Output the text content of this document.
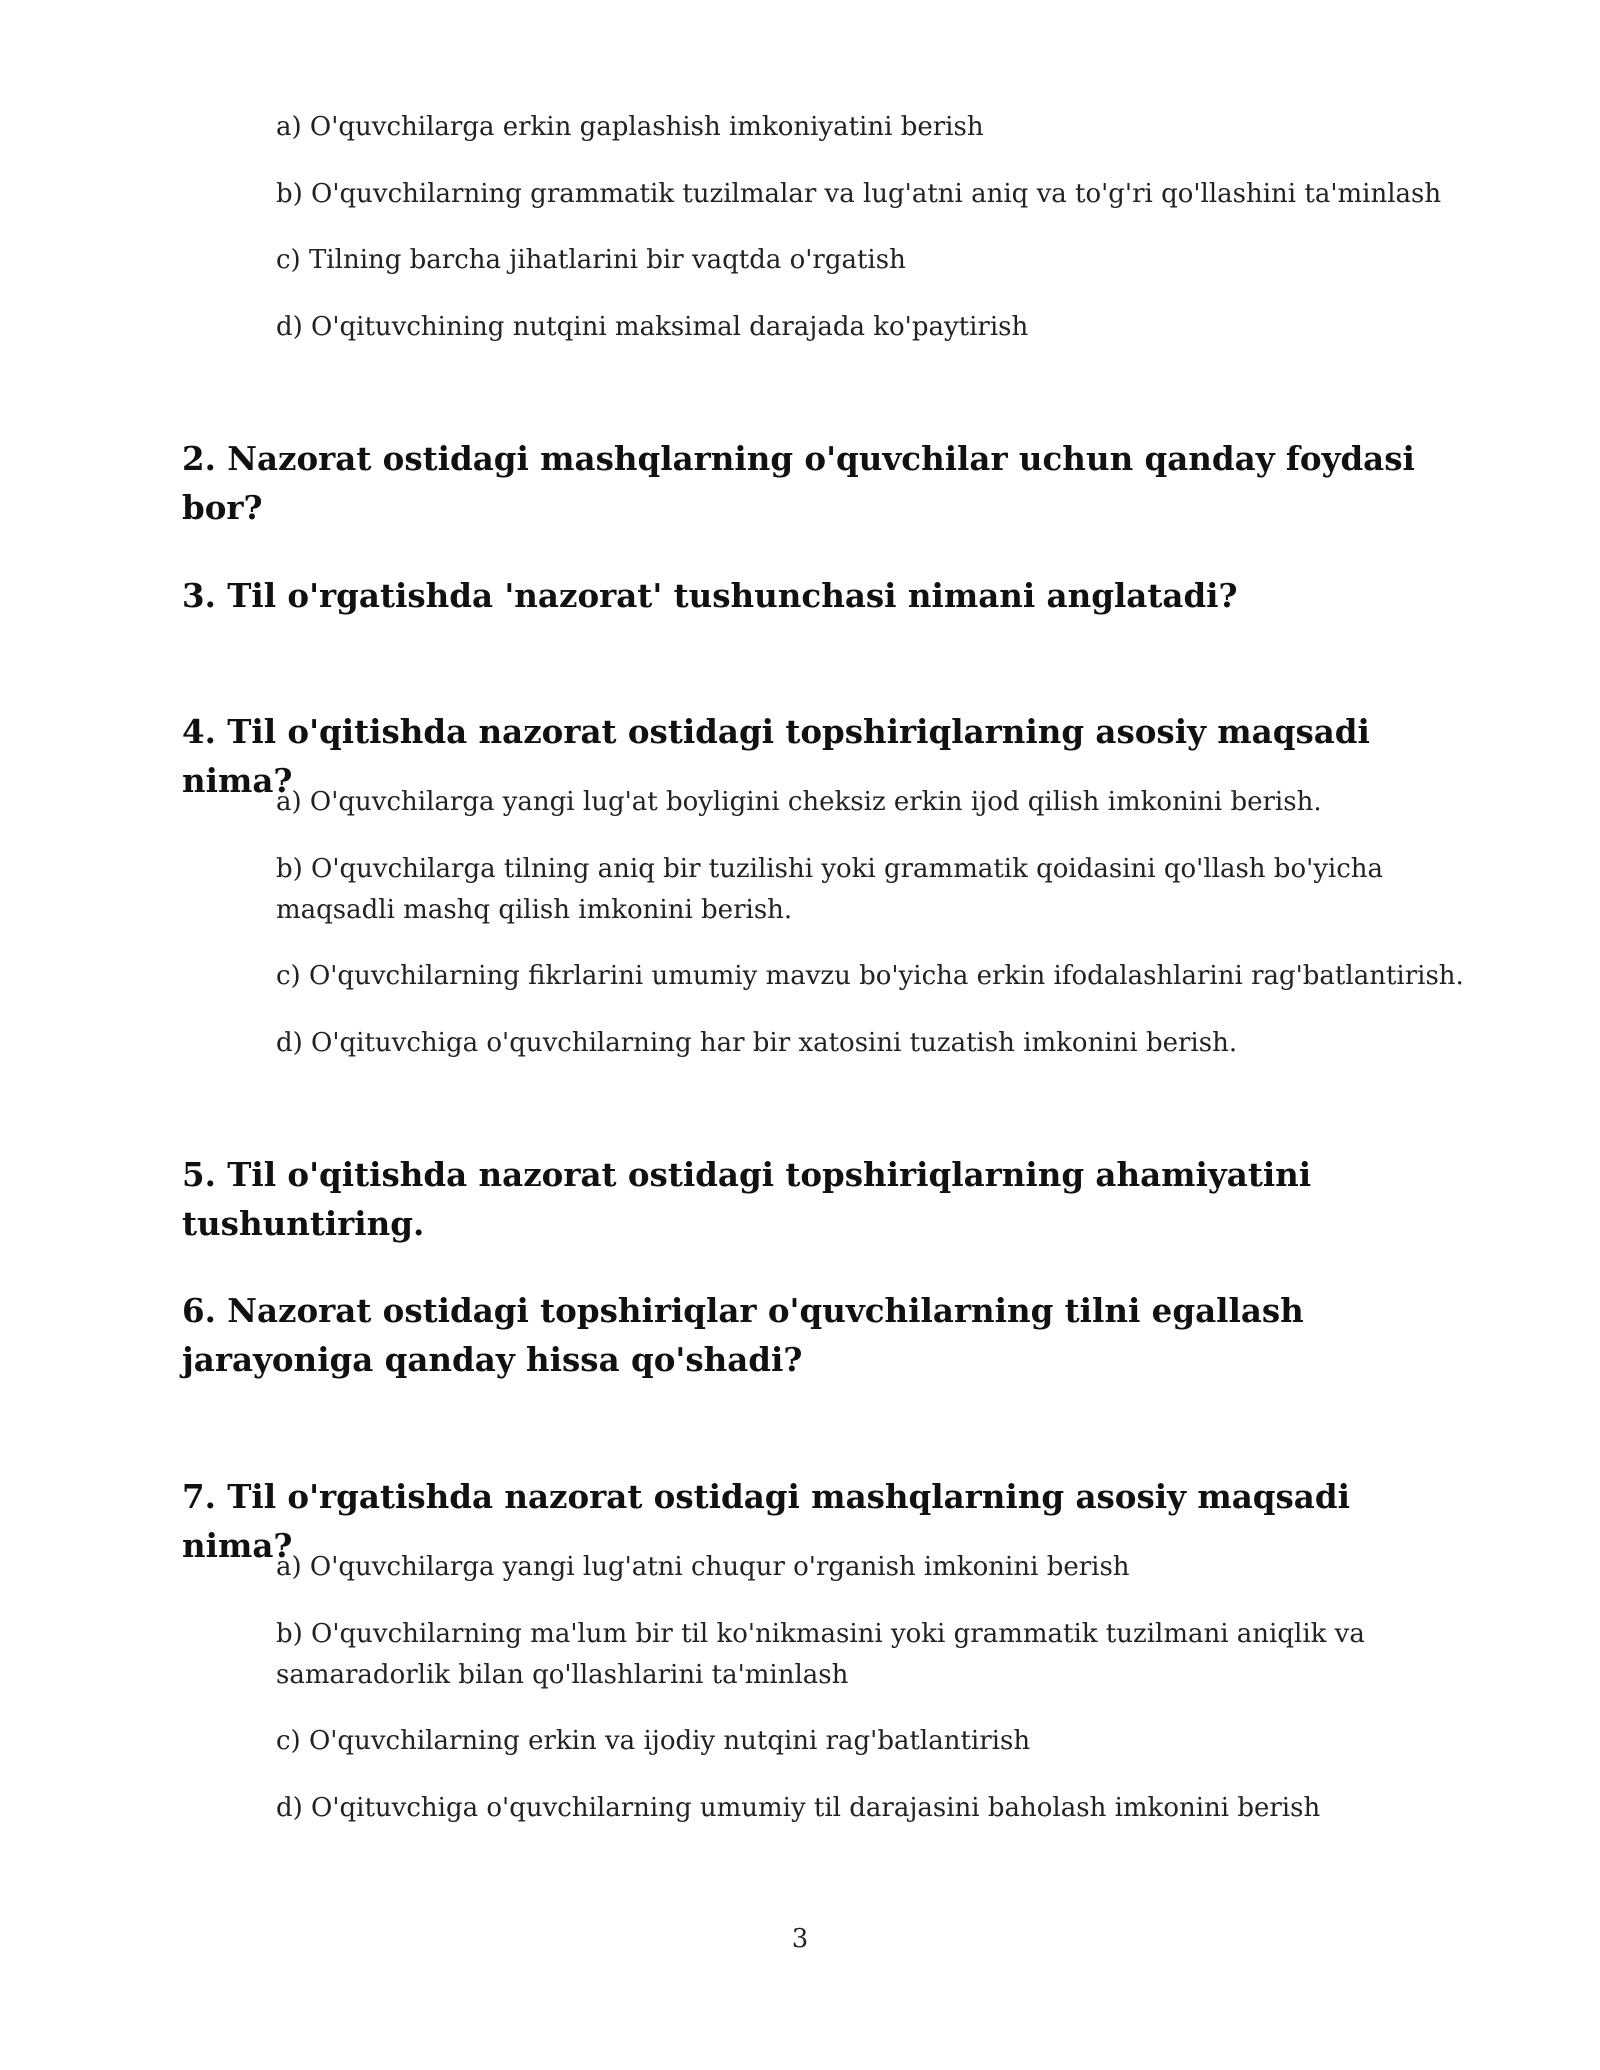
a) O'quvchilarga erkin gaplashish imkoniyatini berish
b) O'quvchilarning grammatik tuzilmalar va lug'atni aniq va to'g'ri qo'llashini ta'minlash
c) Tilning barcha jihatlarini bir vaqtda o'rgatish
d) O'qituvchining nutqini maksimal darajada ko'paytirish
2. Nazorat ostidagi mashqlarning o'quvchilar uchun qanday foydasi bor?
3. Til o'rgatishda 'nazorat' tushunchasi nimani anglatadi?
4. Til o'qitishda nazorat ostidagi topshiriqlarning asosiy maqsadi nima?
a) O'quvchilarga yangi lug'at boyligini cheksiz erkin ijod qilish imkonini berish.
b) O'quvchilarga tilning aniq bir tuzilishi yoki grammatik qoidasini qo'llash bo'yicha maqsadli mashq qilish imkonini berish.
c) O'quvchilarning fikrlarini umumiy mavzu bo'yicha erkin ifodalashlarini rag'batlantirish.
d) O'qituvchiga o'quvchilarning har bir xatosini tuzatish imkonini berish.
5. Til o'qitishda nazorat ostidagi topshiriqlarning ahamiyatini tushuntiring.
6. Nazorat ostidagi topshiriqlar o'quvchilarning tilni egallash jarayoniga qanday hissa qo'shadi?
7. Til o'rgatishda nazorat ostidagi mashqlarning asosiy maqsadi nima?
a) O'quvchilarga yangi lug'atni chuqur o'rganish imkonini berish
b) O'quvchilarning ma'lum bir til ko'nikmasini yoki grammatik tuzilmani aniqlik va samaradorlik bilan qo'llashlarini ta'minlash
c) O'quvchilarning erkin va ijodiy nutqini rag'batlantirish
d) O'qituvchiga o'quvchilarning umumiy til darajasini baholash imkonini berish
3
